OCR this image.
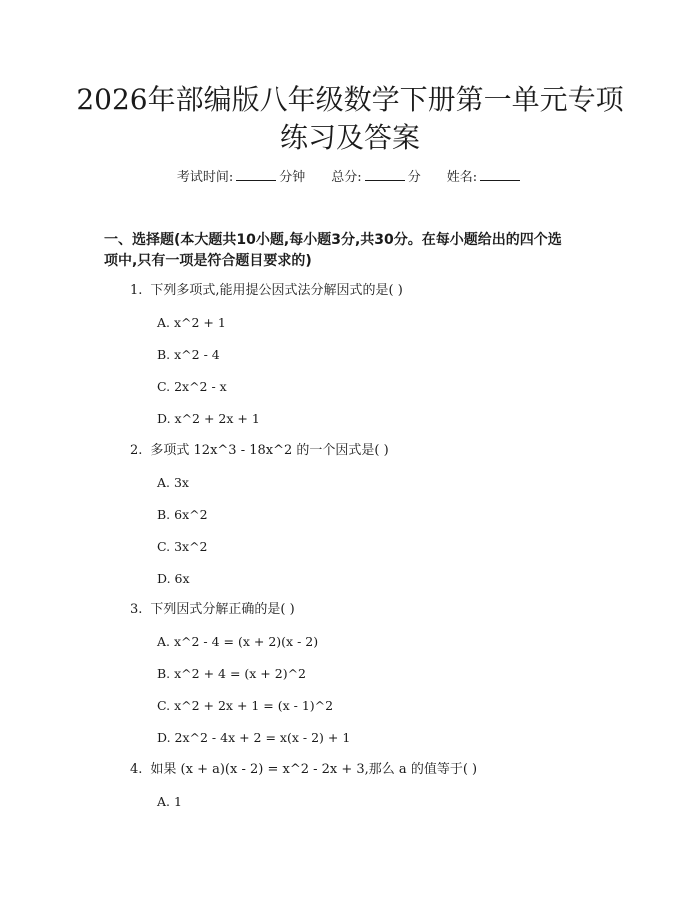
2026年部编版八年级数学下册第一单元专项
练习及答案
考试时间:	分钟 总分:	分 姓名:
一、选择题(本大题共10小题,每小题3分,共30分。在每小题给出的四个选
项中,只有一项是符合题目要求的)
1. 下列多项式,能用提公因式法分解因式的是( )
A. x^2 + 1
B. x^2 - 4
C. 2x^2 - x
D. x^2 + 2x + 1
2. 多项式 12x^3 - 18x^2 的一个因式是( )
A. 3x
B. 6x^2
C. 3x^2
D. 6x
3. 下列因式分解正确的是( )
A. x^2 - 4 = (x + 2)(x - 2)
B. x^2 + 4 = (x + 2)^2
C. x^2 + 2x + 1 = (x - 1)^2
D. 2x^2 - 4x + 2 = x(x - 2) + 1
4. 如果 (x + a)(x - 2) = x^2 - 2x + 3,那么 a 的值等于( )
A. 1
